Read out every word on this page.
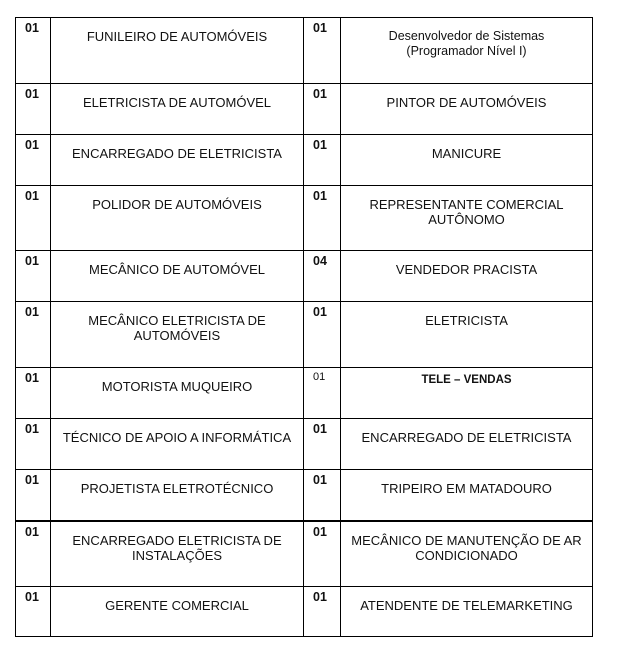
01	FUNILEIRO DE AUTOMÓVEIS	01	Desenvolvedor de Sistemas (Programador Nível I)
01	ELETRICISTA DE AUTOMÓVEL	01	PINTOR DE AUTOMÓVEIS
01	ENCARREGADO DE ELETRICISTA	01	MANICURE
01	POLIDOR DE AUTOMÓVEIS	01	REPRESENTANTE COMERCIAL AUTÔNOMO
01	MECÂNICO DE AUTOMÓVEL	04	VENDEDOR PRACISTA
01	MECÂNICO ELETRICISTA DE AUTOMÓVEIS	01	ELETRICISTA
01	MOTORISTA MUQUEIRO	01	TELE – VENDAS
01	TÉCNICO DE APOIO A INFORMÁTICA	01	ENCARREGADO DE ELETRICISTA
01	PROJETISTA ELETROTÉCNICO	01	TRIPEIRO EM MATADOURO
01	ENCARREGADO ELETRICISTA DE INSTALAÇÕES	01	MECÂNICO DE MANUTENÇÃO DE AR CONDICIONADO
01	GERENTE COMERCIAL	01	ATENDENTE DE TELEMARKETING
